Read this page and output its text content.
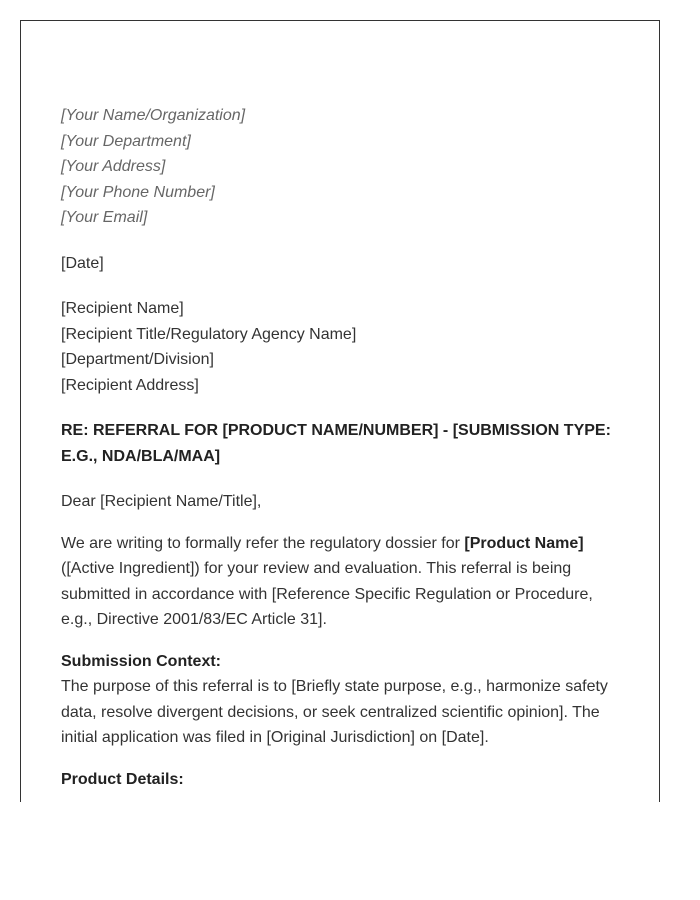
[Your Name/Organization]
[Your Department]
[Your Address]
[Your Phone Number]
[Your Email]
[Date]
[Recipient Name]
[Recipient Title/Regulatory Agency Name]
[Department/Division]
[Recipient Address]
RE: REFERRAL FOR [PRODUCT NAME/NUMBER] - [SUBMISSION TYPE:
E.G., NDA/BLA/MAA]
Dear [Recipient Name/Title],
We are writing to formally refer the regulatory dossier for [Product Name]
([Active Ingredient]) for your review and evaluation. This referral is being
submitted in accordance with [Reference Specific Regulation or Procedure,
e.g., Directive 2001/83/EC Article 31].
Submission Context:
The purpose of this referral is to [Briefly state purpose, e.g., harmonize safety
data, resolve divergent decisions, or seek centralized scientific opinion]. The
initial application was filed in [Original Jurisdiction] on [Date].
Product Details:
